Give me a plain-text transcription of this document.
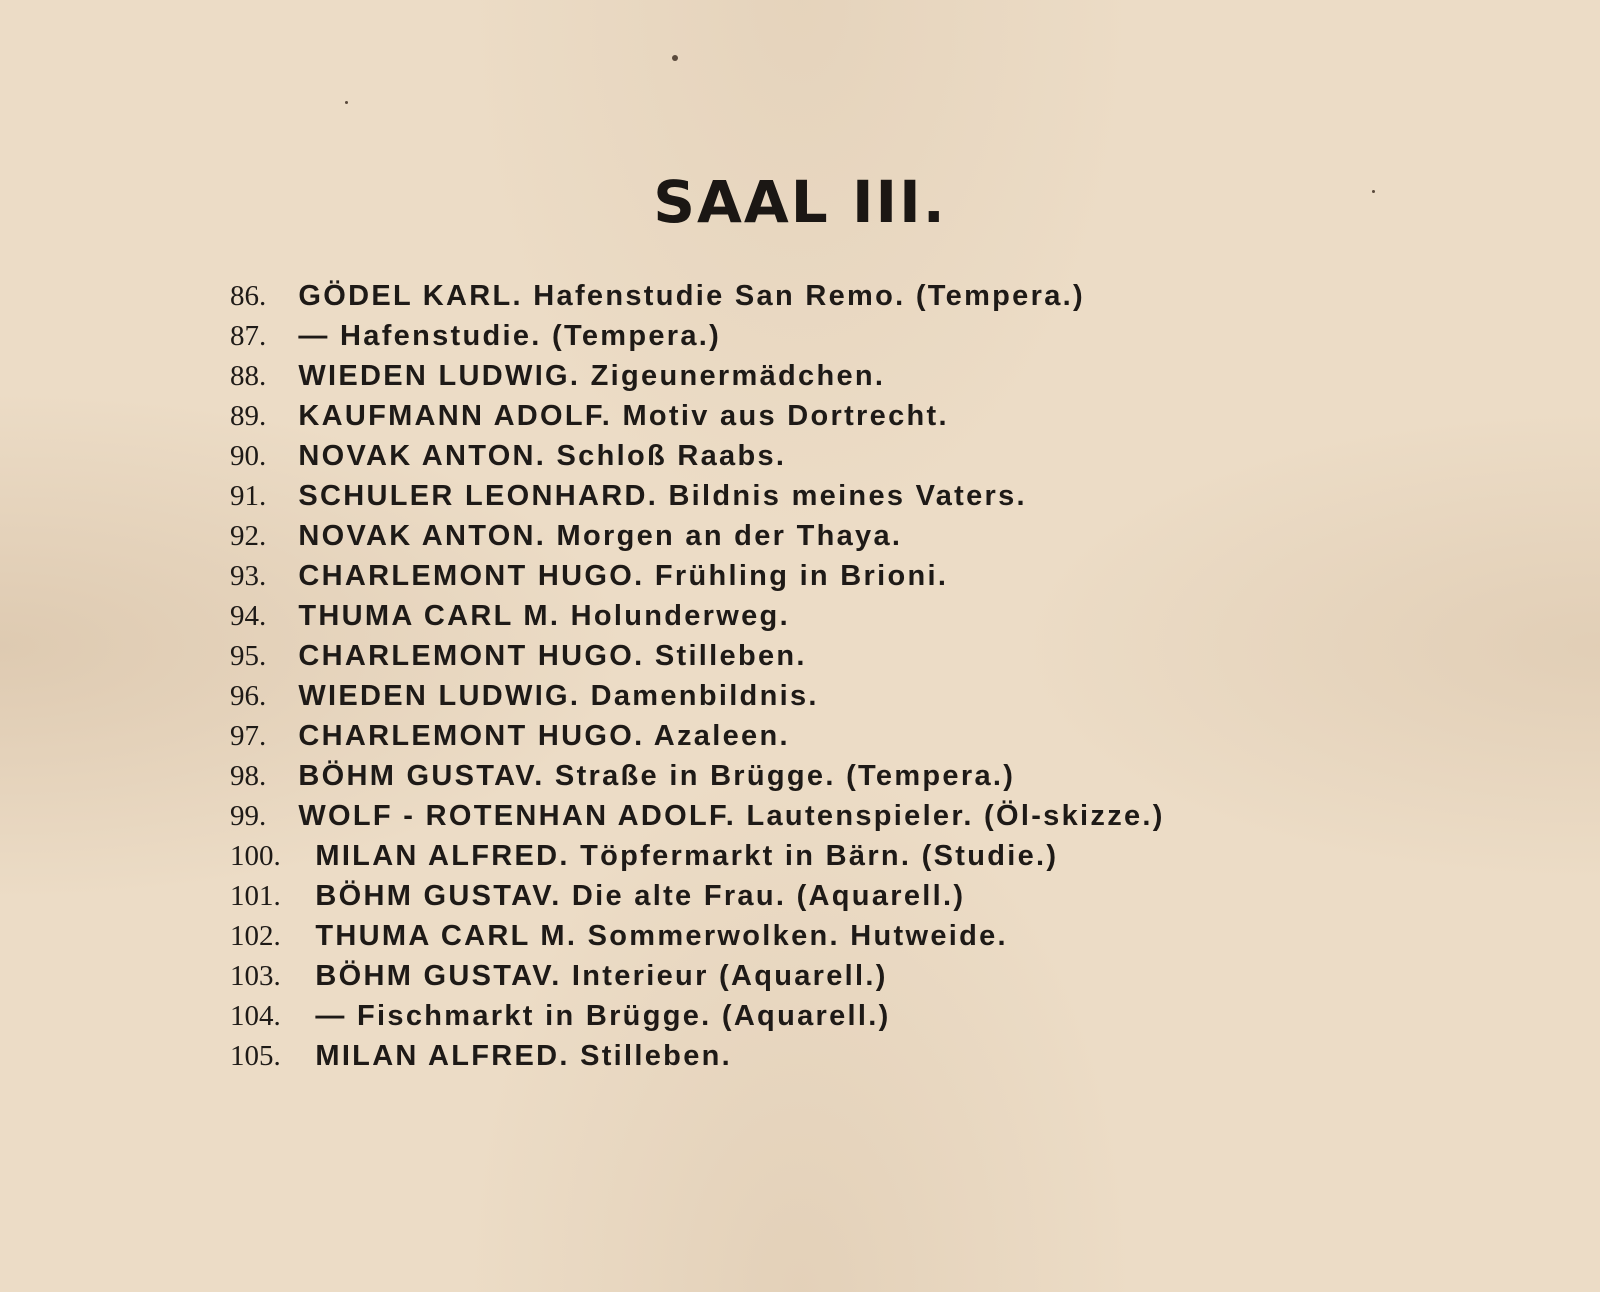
SAAL III.
86. GÖDEL KARL. Hafenstudie San Remo. (Tempera.)
87. — Hafenstudie. (Tempera.)
88. WIEDEN LUDWIG. Zigeunermädchen.
89. KAUFMANN ADOLF. Motiv aus Dortrecht.
90. NOVAK ANTON. Schloß Raabs.
91. SCHULER LEONHARD. Bildnis meines Vaters.
92. NOVAK ANTON. Morgen an der Thaya.
93. CHARLEMONT HUGO. Frühling in Brioni.
94. THUMA CARL M. Holunderweg.
95. CHARLEMONT HUGO. Stilleben.
96. WIEDEN LUDWIG. Damenbildnis.
97. CHARLEMONT HUGO. Azaleen.
98. BÖHM GUSTAV. Straße in Brügge. (Tempera.)
99. WOLF - ROTENHAN ADOLF. Lautenspieler. (Öl-skizze.)
100. MILAN ALFRED. Töpfermarkt in Bärn. (Studie.)
101. BÖHM GUSTAV. Die alte Frau. (Aquarell.)
102. THUMA CARL M. Sommerwolken. Hutweide.
103. BÖHM GUSTAV. Interieur (Aquarell.)
104. — Fischmarkt in Brügge. (Aquarell.)
105. MILAN ALFRED. Stilleben.
